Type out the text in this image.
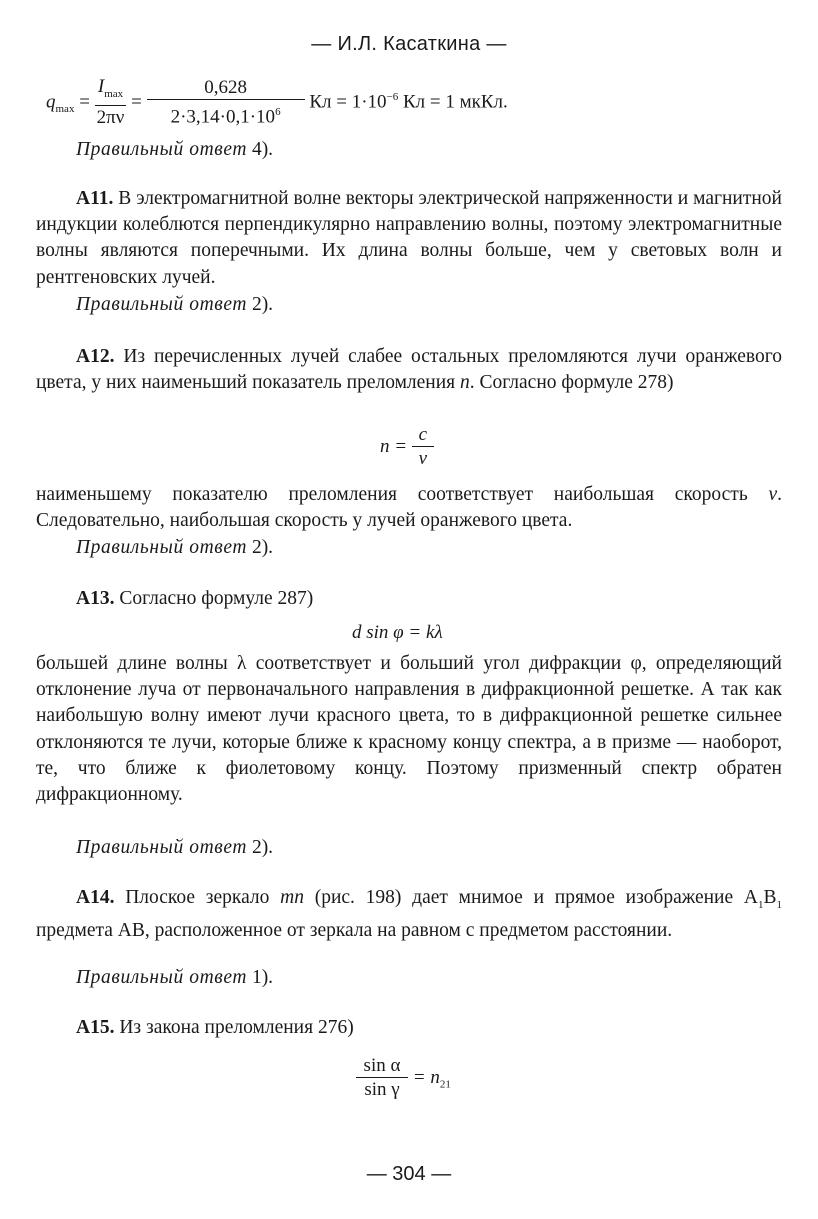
— И.Л. Касаткина —
$q_{max} = \frac{I_{max}}{2\pi\nu} = \frac{0,628}{2\cdot 3,14\cdot 0,1\cdot 10^6}$ Кл = $1\cdot 10^{-6}$ Кл = 1 мкКл.
Правильный ответ 4).

А11. В электромагнитной волне векторы электрической напряженности и магнитной индукции колеблются перпендикулярно направлению волны, поэтому электромагнитные волны являются поперечными. Их длина волны больше, чем у световых волн и рентгеновских лучей.

Правильный ответ 2).

А12. Из перечисленных лучей слабее остальных преломляются лучи оранжевого цвета, у них наименьший показатель преломления n. Согласно формуле 278)

$n = \frac{c}{v}$

наименьшему показателю преломления соответствует наибольшая скорость v. Следовательно, наибольшая скорость у лучей оранжевого цвета.

Правильный ответ 2).

А13. Согласно формуле 287)

d sin φ = kλ

большей длине волны λ соответствует и больший угол дифракции φ, определяющий отклонение луча от первоначального направления в дифракционной решетке. А так как наибольшую волну имеют лучи красного цвета, то в дифракционной решетке сильнее отклоняются те лучи, которые ближе к красному концу спектра, а в призме — наоборот, те, что ближе к фиолетовому концу. Поэтому призменный спектр обратен дифракционному.

Правильный ответ 2).

А14. Плоское зеркало mn (рис. 198) дает мнимое и прямое изображение $А_1В_1$ предмета АВ, расположенное от зеркала на равном с предметом расстоянии.

Правильный ответ 1).

А15. Из закона преломления 276)

$\frac{\text{sin α}}{\text{sin γ}} = n_{21}$
— 304 —
